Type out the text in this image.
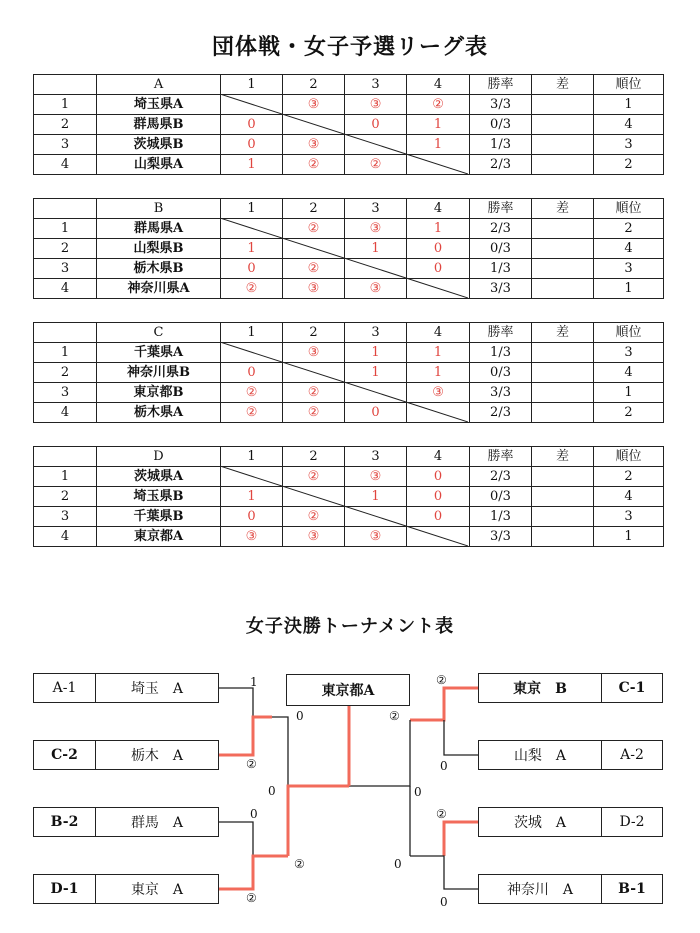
団体戦・女子予選リーグ表
	A	1	2	3	4	勝率	差	順位
1	埼玉県A		③	③	②	3/3		1
2	群馬県B	0		0	1	0/3		4
3	茨城県B	0	③		1	1/3		3
4	山梨県A	1	②	②		2/3		2
	B	1	2	3	4	勝率	差	順位
1	群馬県A		②	③	1	2/3		2
2	山梨県B	1		1	0	0/3		4
3	栃木県B	0	②		0	1/3		3
4	神奈川県A	②	③	③		3/3		1
	C	1	2	3	4	勝率	差	順位
1	千葉県A		③	1	1	1/3		3
2	神奈川県B	0		1	1	0/3		4
3	東京都B	②	②		③	3/3		1
4	栃木県A	②	②	0		2/3		2
	D	1	2	3	4	勝率	差	順位
1	茨城県A		②	③	0	2/3		2
2	埼玉県B	1		1	0	0/3		4
3	千葉県B	0	②		0	1/3		3
4	東京都A	③	③	③		3/3		1
女子決勝トーナメント表
東京都A
A-1	埼玉　A
C-2	栃木　A
B-2	群馬　A
D-1	東京　A
東京　B	C-1
山梨　A	A-2
茨城　A	D-2
神奈川　A	B-1
1
②
0
②
0
②
0	②
②
0
②
0
0
0
